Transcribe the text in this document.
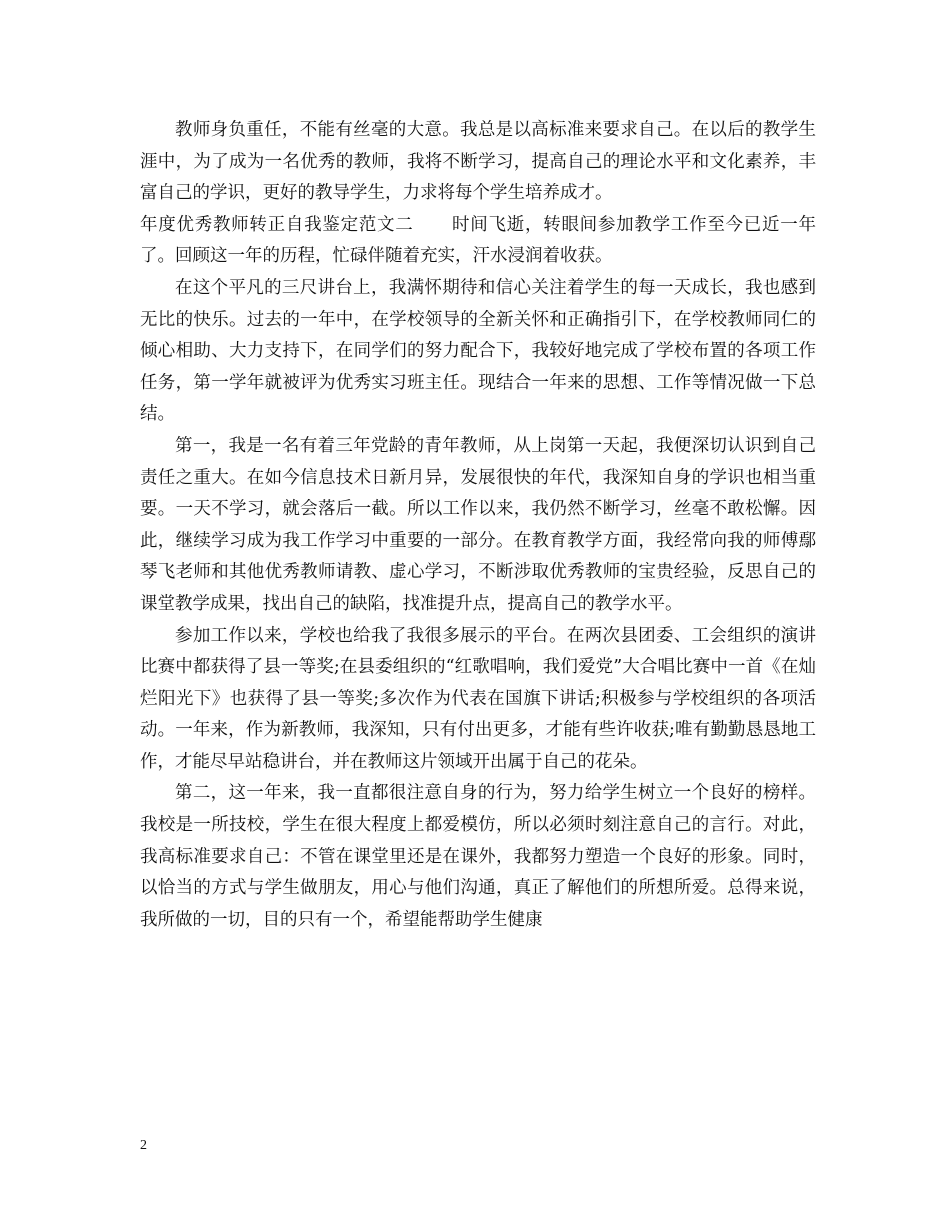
教师身负重任，不能有丝毫的大意。我总是以高标准来要求自己。在以后的教学生涯中，为了成为一名优秀的教师，我将不断学习，提高自己的理论水平和文化素养，丰富自己的学识，更好的教导学生，力求将每个学生培养成才。

年度优秀教师转正自我鉴定范文二 时间飞逝，转眼间参加教学工作至今已近一年了。回顾这一年的历程，忙碌伴随着充实，汗水浸润着收获。

在这个平凡的三尺讲台上，我满怀期待和信心关注着学生的每一天成长，我也感到无比的快乐。过去的一年中，在学校领导的全新关怀和正确指引下，在学校教师同仁的倾心相助、大力支持下，在同学们的努力配合下，我较好地完成了学校布置的各项工作任务，第一学年就被评为优秀实习班主任。现结合一年来的思想、工作等情况做一下总结。

第一，我是一名有着三年党龄的青年教师，从上岗第一天起，我便深切认识到自己责任之重大。在如今信息技术日新月异，发展很快的年代，我深知自身的学识也相当重要。一天不学习，就会落后一截。所以工作以来，我仍然不断学习，丝毫不敢松懈。因此，继续学习成为我工作学习中重要的一部分。在教育教学方面，我经常向我的师傅鄢琴飞老师和其他优秀教师请教、虚心学习，不断涉取优秀教师的宝贵经验，反思自己的课堂教学成果，找出自己的缺陷，找准提升点，提高自己的教学水平。

参加工作以来，学校也给我了我很多展示的平台。在两次县团委、工会组织的演讲比赛中都获得了县一等奖;在县委组织的“红歌唱响，我们爱党”大合唱比赛中一首《在灿烂阳光下》也获得了县一等奖;多次作为代表在国旗下讲话;积极参与学校组织的各项活动。一年来，作为新教师，我深知，只有付出更多，才能有些许收获;唯有勤勤恳恳地工作，才能尽早站稳讲台，并在教师这片领域开出属于自己的花朵。

第二，这一年来，我一直都很注意自身的行为，努力给学生树立一个良好的榜样。我校是一所技校，学生在很大程度上都爱模仿，所以必须时刻注意自己的言行。对此，我高标准要求自己：不管在课堂里还是在课外，我都努力塑造一个良好的形象。同时，以恰当的方式与学生做朋友，用心与他们沟通，真正了解他们的所想所爱。总得来说，我所做的一切，目的只有一个，希望能帮助学生健康

2
